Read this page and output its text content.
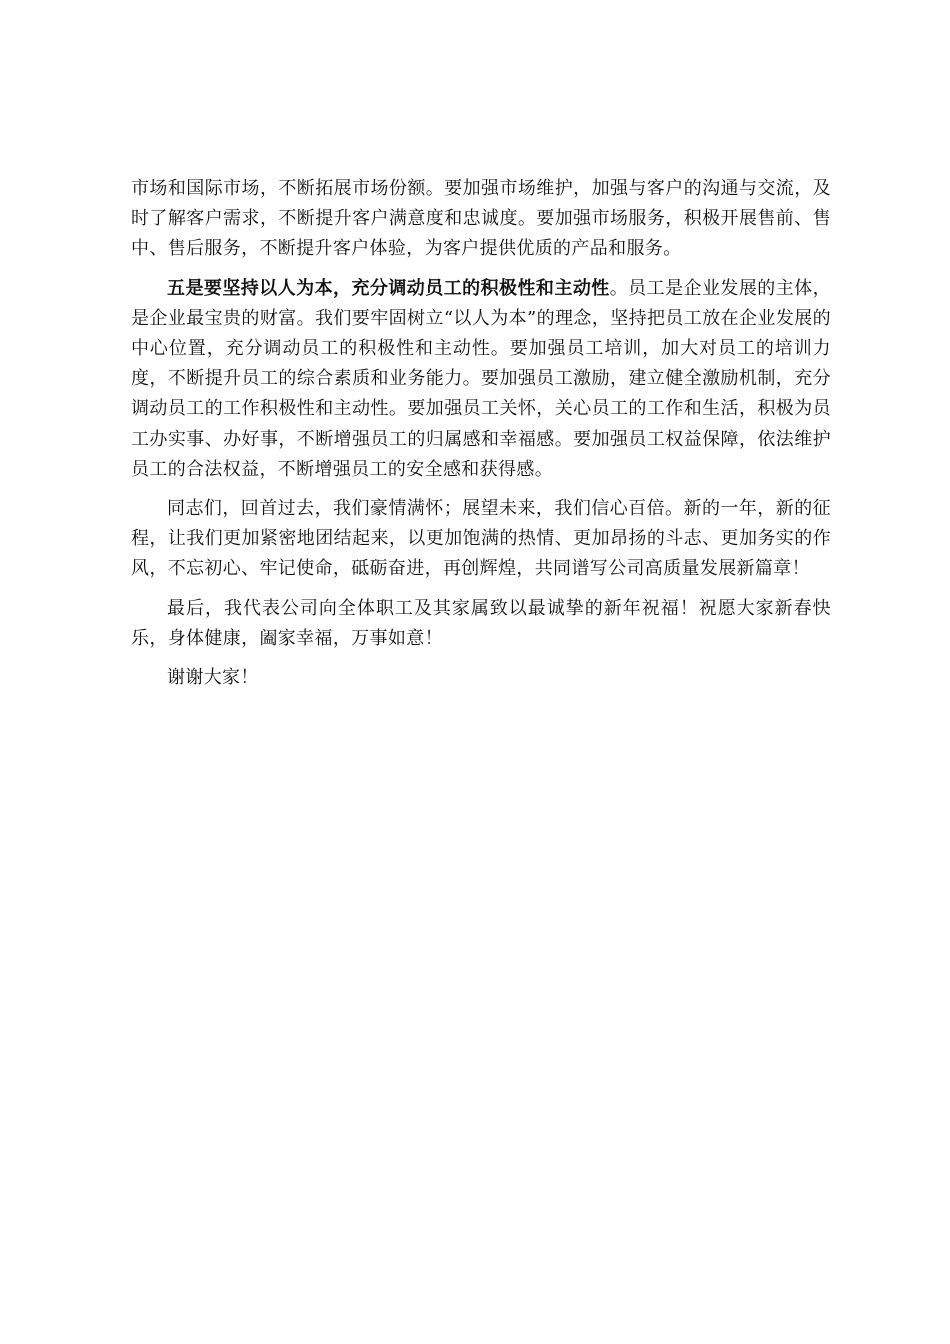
市场和国际市场，不断拓展市场份额。要加强市场维护，加强与客户的沟通与交流，及时了解客户需求，不断提升客户满意度和忠诚度。要加强市场服务，积极开展售前、售中、售后服务，不断提升客户体验，为客户提供优质的产品和服务。

五是要坚持以人为本，充分调动员工的积极性和主动性。员工是企业发展的主体，是企业最宝贵的财富。我们要牢固树立“以人为本”的理念，坚持把员工放在企业发展的中心位置，充分调动员工的积极性和主动性。要加强员工培训，加大对员工的培训力度，不断提升员工的综合素质和业务能力。要加强员工激励，建立健全激励机制，充分调动员工的工作积极性和主动性。要加强员工关怀，关心员工的工作和生活，积极为员工办实事、办好事，不断增强员工的归属感和幸福感。要加强员工权益保障，依法维护员工的合法权益，不断增强员工的安全感和获得感。

同志们，回首过去，我们豪情满怀；展望未来，我们信心百倍。新的一年，新的征程，让我们更加紧密地团结起来，以更加饱满的热情、更加昂扬的斗志、更加务实的作风，不忘初心、牢记使命，砥砺奋进，再创辉煌，共同谱写公司高质量发展新篇章！

最后，我代表公司向全体职工及其家属致以最诚挚的新年祝福！祝愿大家新春快乐，身体健康，阖家幸福，万事如意！

谢谢大家！
